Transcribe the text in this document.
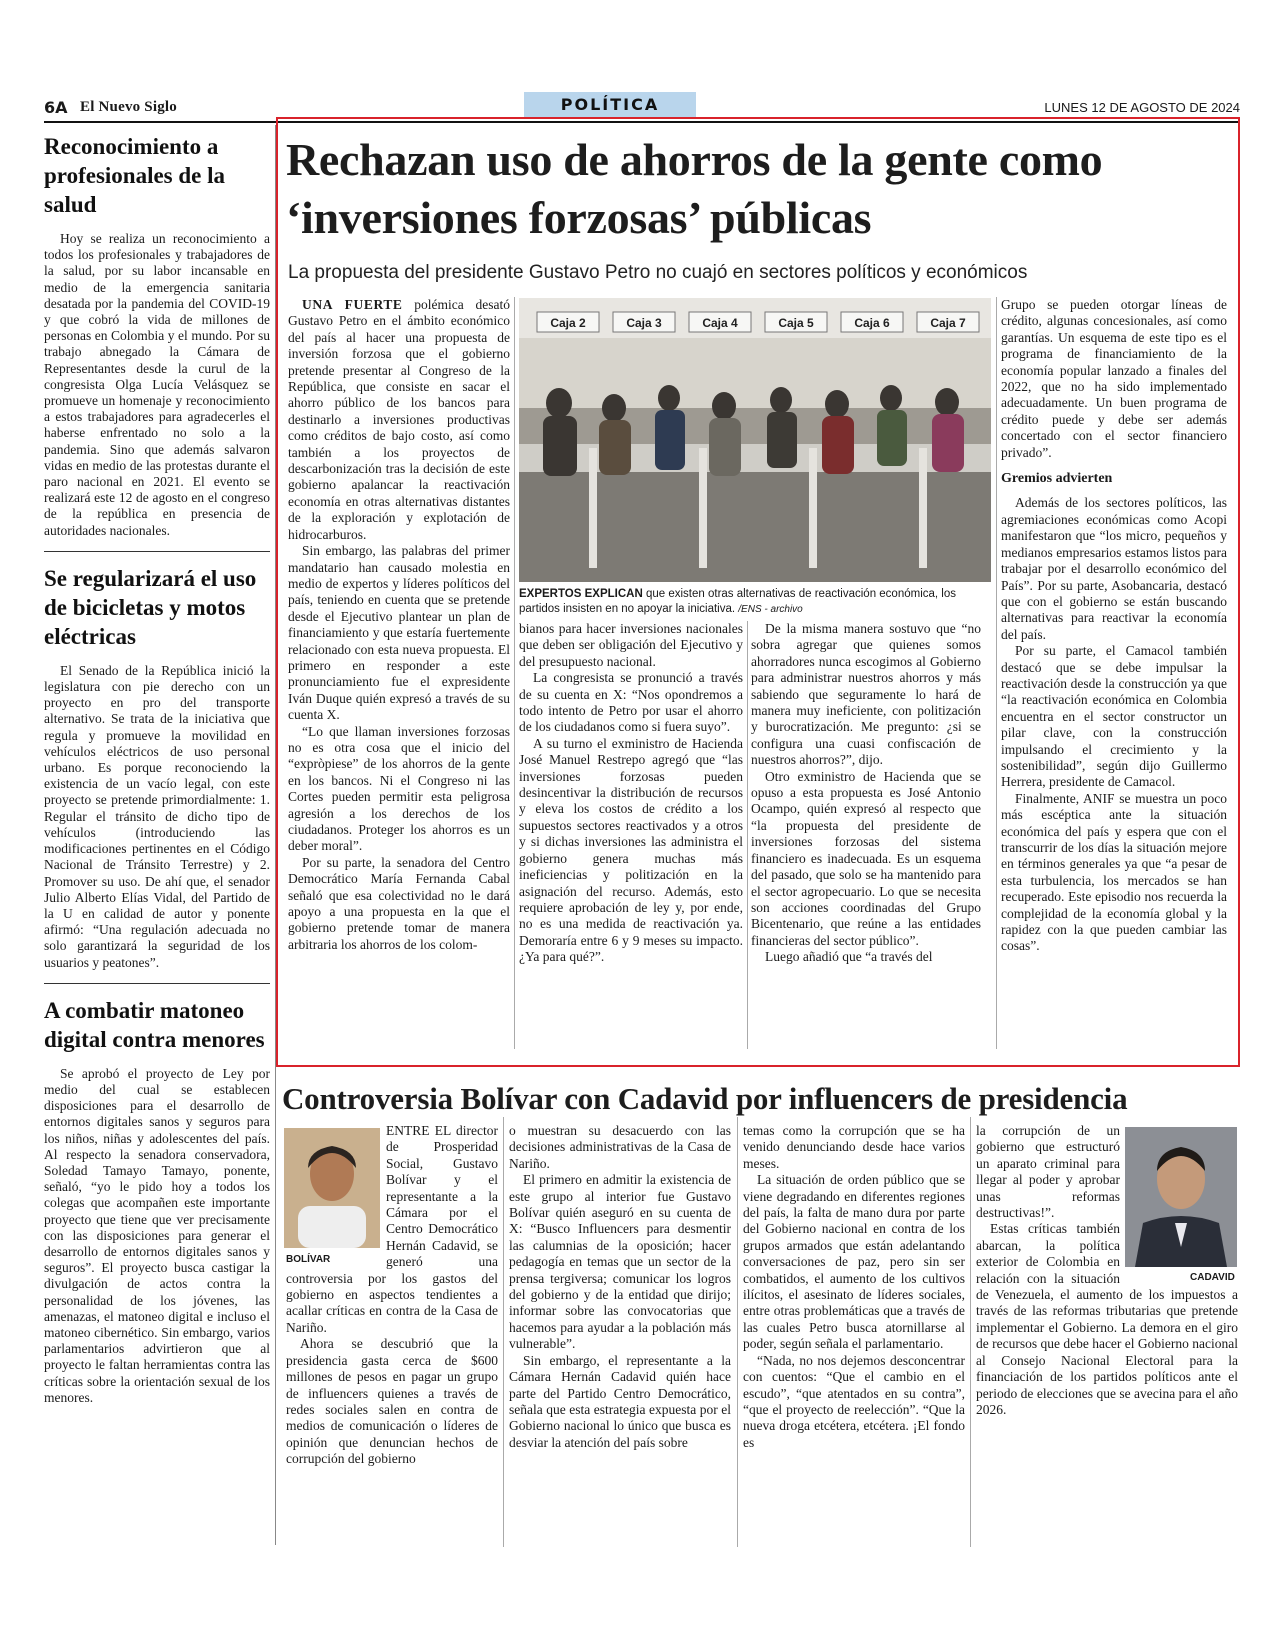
6A El Nuevo Siglo	POLÍTICA	LUNES 12 DE AGOSTO DE 2024
Reconocimiento a profesionales de la salud

Hoy se realiza un reconocimiento a todos los profesionales y trabajadores de la salud, por su labor incansable en medio de la emergencia sanitaria desatada por la pandemia del COVID-19 y que cobró la vida de millones de personas en Colombia y el mundo. Por su trabajo abnegado la Cámara de Representantes desde la curul de la congresista Olga Lucía Velásquez se promueve un homenaje y reconocimiento a estos trabajadores para agradecerles el haberse enfrentado no solo a la pandemia. Sino que además salvaron vidas en medio de las protestas durante el paro nacional en 2021. El evento se realizará este 12 de agosto en el congreso de la república en presencia de autoridades nacionales.

Se regularizará el uso de bicicletas y motos eléctricas

El Senado de la República inició la legislatura con pie derecho con un proyecto en pro del transporte alternativo. Se trata de la iniciativa que regula y promueve la movilidad en vehículos eléctricos de uso personal urbano. Es porque reconociendo la existencia de un vacío legal, con este proyecto se pretende primordialmente: 1. Regular el tránsito de dicho tipo de vehículos (introduciendo las modificaciones pertinentes en el Código Nacional de Tránsito Terrestre) y 2. Promover su uso. De ahí que, el senador Julio Alberto Elías Vidal, del Partido de la U en calidad de autor y ponente afirmó: “Una regulación adecuada no solo garantizará la seguridad de los usuarios y peatones”.

A combatir matoneo digital contra menores

Se aprobó el proyecto de Ley por medio del cual se establecen disposiciones para el desarrollo de entornos digitales sanos y seguros para los niños, niñas y adolescentes del país. Al respecto la senadora conservadora, Soledad Tamayo Tamayo, ponente, señaló, “yo le pido hoy a todos los colegas que acompañen este importante proyecto que tiene que ver precisamente con las disposiciones para generar el desarrollo de entornos digitales sanos y seguros”. El proyecto busca castigar la divulgación de actos contra la personalidad de los jóvenes, las amenazas, el matoneo digital e incluso el matoneo cibernético. Sin embargo, varios parlamentarios advirtieron que al proyecto le faltan herramientas contra las críticas sobre la orientación sexual de los menores.

Rechazan uso de ahorros de la gente como ‘inversiones forzosas’ públicas
La propuesta del presidente Gustavo Petro no cuajó en sectores políticos y económicos

UNA FUERTE polémica desató Gustavo Petro en el ámbito económico del país al hacer una propuesta de inversión forzosa que el gobierno pretende presentar al Congreso de la República, que consiste en sacar el ahorro público de los bancos para destinarlo a inversiones productivas como créditos de bajo costo, así como también a los proyectos de descarbonización tras la decisión de este gobierno apalancar la reactivación economía en otras alternativas distantes de la exploración y explotación de hidrocarburos.

Sin embargo, las palabras del primer mandatario han causado molestia en medio de expertos y líderes políticos del país, teniendo en cuenta que se pretende desde el Ejecutivo plantear un plan de financiamiento y que estaría fuertemente relacionado con esta nueva propuesta. El primero en responder a este pronunciamiento fue el expresidente Iván Duque quién expresó a través de su cuenta X.

“Lo que llaman inversiones forzosas no es otra cosa que el inicio del “expròpiese” de los ahorros de la gente en los bancos. Ni el Congreso ni las Cortes pueden permitir esta peligrosa agresión a los derechos de los ciudadanos. Proteger los ahorros es un deber moral”.

Por su parte, la senadora del Centro Democrático María Fernanda Cabal señaló que esa colectividad no le dará apoyo a una propuesta en la que el gobierno pretende tomar de manera arbitraria los ahorros de los colom-

Caja 2	Caja 3	Caja 4	Caja 5	Caja 6	Caja 7
EXPERTOS EXPLICAN que existen otras alternativas de reactivación económica, los partidos insisten en no apoyar la iniciativa. /ENS - archivo

bianos para hacer inversiones nacionales que deben ser obligación del Ejecutivo y del presupuesto nacional.

La congresista se pronunció a través de su cuenta en X: “Nos opondremos a todo intento de Petro por usar el ahorro de los ciudadanos como si fuera suyo”.

A su turno el exministro de Hacienda José Manuel Restrepo agregó que “las inversiones forzosas pueden desincentivar la distribución de recursos y eleva los costos de crédito a los supuestos sectores reactivados y a otros y si dichas inversiones las administra el gobierno genera muchas más ineficiencias y politización en la asignación del recurso. Además, esto requiere aprobación de ley y, por ende, no es una medida de reactivación ya. Demoraría entre 6 y 9 meses su impacto. ¿Ya para qué?”.

De la misma manera sostuvo que “no sobra agregar que quienes somos ahorradores nunca escogimos al Gobierno para administrar nuestros ahorros y más sabiendo que seguramente lo hará de manera muy ineficiente, con politización y burocratización. Me pregunto: ¿si se configura una cuasi confiscación de nuestros ahorros?”, dijo.

Otro exministro de Hacienda que se opuso a esta propuesta es José Antonio Ocampo, quién expresó al respecto que “la propuesta del presidente de inversiones forzosas del sistema financiero es inadecuada. Es un esquema del pasado, que solo se ha mantenido para el sector agropecuario. Lo que se necesita son acciones coordinadas del Grupo Bicentenario, que reúne a las entidades financieras del sector público”.

Luego añadió que “a través del

Grupo se pueden otorgar líneas de crédito, algunas concesionales, así como garantías. Un esquema de este tipo es el programa de financiamiento de la economía popular lanzado a finales del 2022, que no ha sido implementado adecuadamente. Un buen programa de crédito puede y debe ser además concertado con el sector financiero privado”.

Gremios advierten

Además de los sectores políticos, las agremiaciones económicas como Acopi manifestaron que “los micro, pequeños y medianos empresarios estamos listos para trabajar por el desarrollo económico del País”. Por su parte, Asobancaria, destacó que con el gobierno se están buscando alternativas para reactivar la economía del país.

Por su parte, el Camacol también destacó que se debe impulsar la reactivación desde la construcción ya que “la reactivación económica en Colombia encuentra en el sector constructor un pilar clave, con la construcción impulsando el crecimiento y la sostenibilidad”, según dijo Guillermo Herrera, presidente de Camacol.

Finalmente, ANIF se muestra un poco más escéptica ante la situación económica del país y espera que con el transcurrir de los días la situación mejore en términos generales ya que “a pesar de esta turbulencia, los mercados se han recuperado. Este episodio nos recuerda la complejidad de la economía global y la rapidez con la que pueden cambiar las cosas”.

Controversia Bolívar con Cadavid por influencers de presidencia
BOLÍVAR

ENTRE EL director de Prosperidad Social, Gustavo Bolívar y el representante a la Cámara por el Centro Democrático Hernán Cadavid, se generó una controversia por los gastos del gobierno en aspectos tendientes a acallar críticas en contra de la Casa de Nariño.

Ahora se descubrió que la presidencia gasta cerca de $600 millones de pesos en pagar un grupo de influencers quienes a través de redes sociales salen en contra de medios de comunicación o líderes de opinión que denuncian hechos de corrupción del gobierno

o muestran su desacuerdo con las decisiones administrativas de la Casa de Nariño.

El primero en admitir la existencia de este grupo al interior fue Gustavo Bolívar quién aseguró en su cuenta de X: “Busco Influencers para desmentir las calumnias de la oposición; hacer pedagogía en temas que un sector de la prensa tergiversa; comunicar los logros del gobierno y de la entidad que dirijo; informar sobre las convocatorias que hacemos para ayudar a la población más vulnerable”.

Sin embargo, el representante a la Cámara Hernán Cadavid quién hace parte del Partido Centro Democrático, señala que esta estrategia expuesta por el Gobierno nacional lo único que busca es desviar la atención del país sobre

temas como la corrupción que se ha venido denunciando desde hace varios meses.

La situación de orden público que se viene degradando en diferentes regiones del país, la falta de mano dura por parte del Gobierno nacional en contra de los grupos armados que están adelantando conversaciones de paz, pero sin ser combatidos, el aumento de los cultivos ilícitos, el asesinato de líderes sociales, entre otras problemáticas que a través de las cuales Petro busca atornillarse al poder, según señala el parlamentario.

“Nada, no nos dejemos desconcentrar con cuentos: “Que el cambio en el escudo”, “que atentados en su contra”, “que el proyecto de reelección”. “Que la nueva droga etcétera, etcétera. ¡El fondo es

CADAVID

la corrupción de un gobierno que estructuró un aparato criminal para llegar al poder y aprobar unas reformas destructivas!”.

Estas críticas también abarcan, la política exterior de Colombia en relación con la situación de Venezuela, el aumento de los impuestos a través de las reformas tributarias que pretende implementar el Gobierno. La demora en el giro de recursos que debe hacer el Gobierno nacional al Consejo Nacional Electoral para la financiación de los partidos políticos ante el periodo de elecciones que se avecina para el año 2026.
